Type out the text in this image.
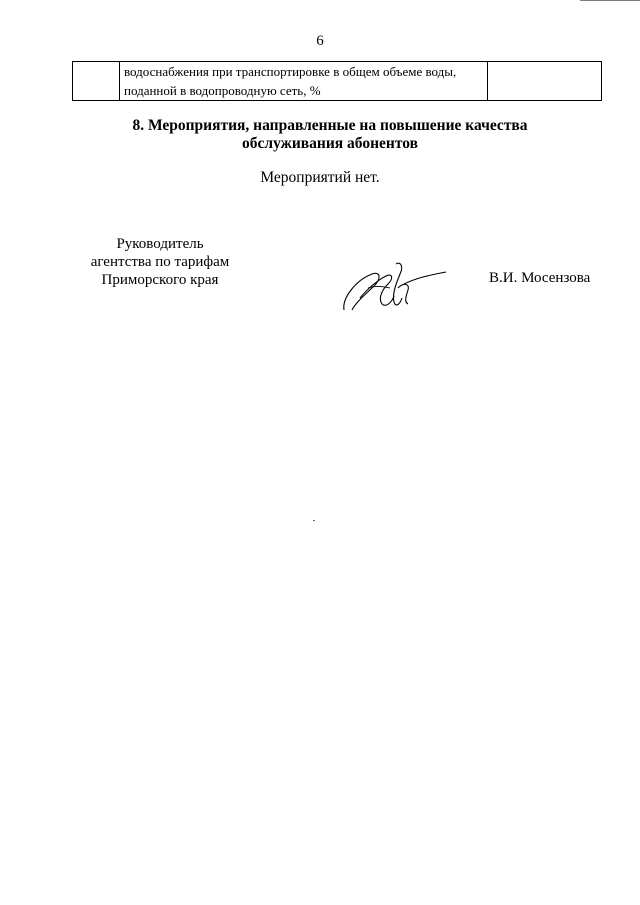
6

водоснабжения при транспортировке в общем объеме воды,
поданной в водопроводную сеть, %

8. Мероприятия, направленные на повышение качества
обслуживания абонентов
Мероприятий нет.
Руководитель
агентства по тарифам
Приморского края	В.И. Мосензова
